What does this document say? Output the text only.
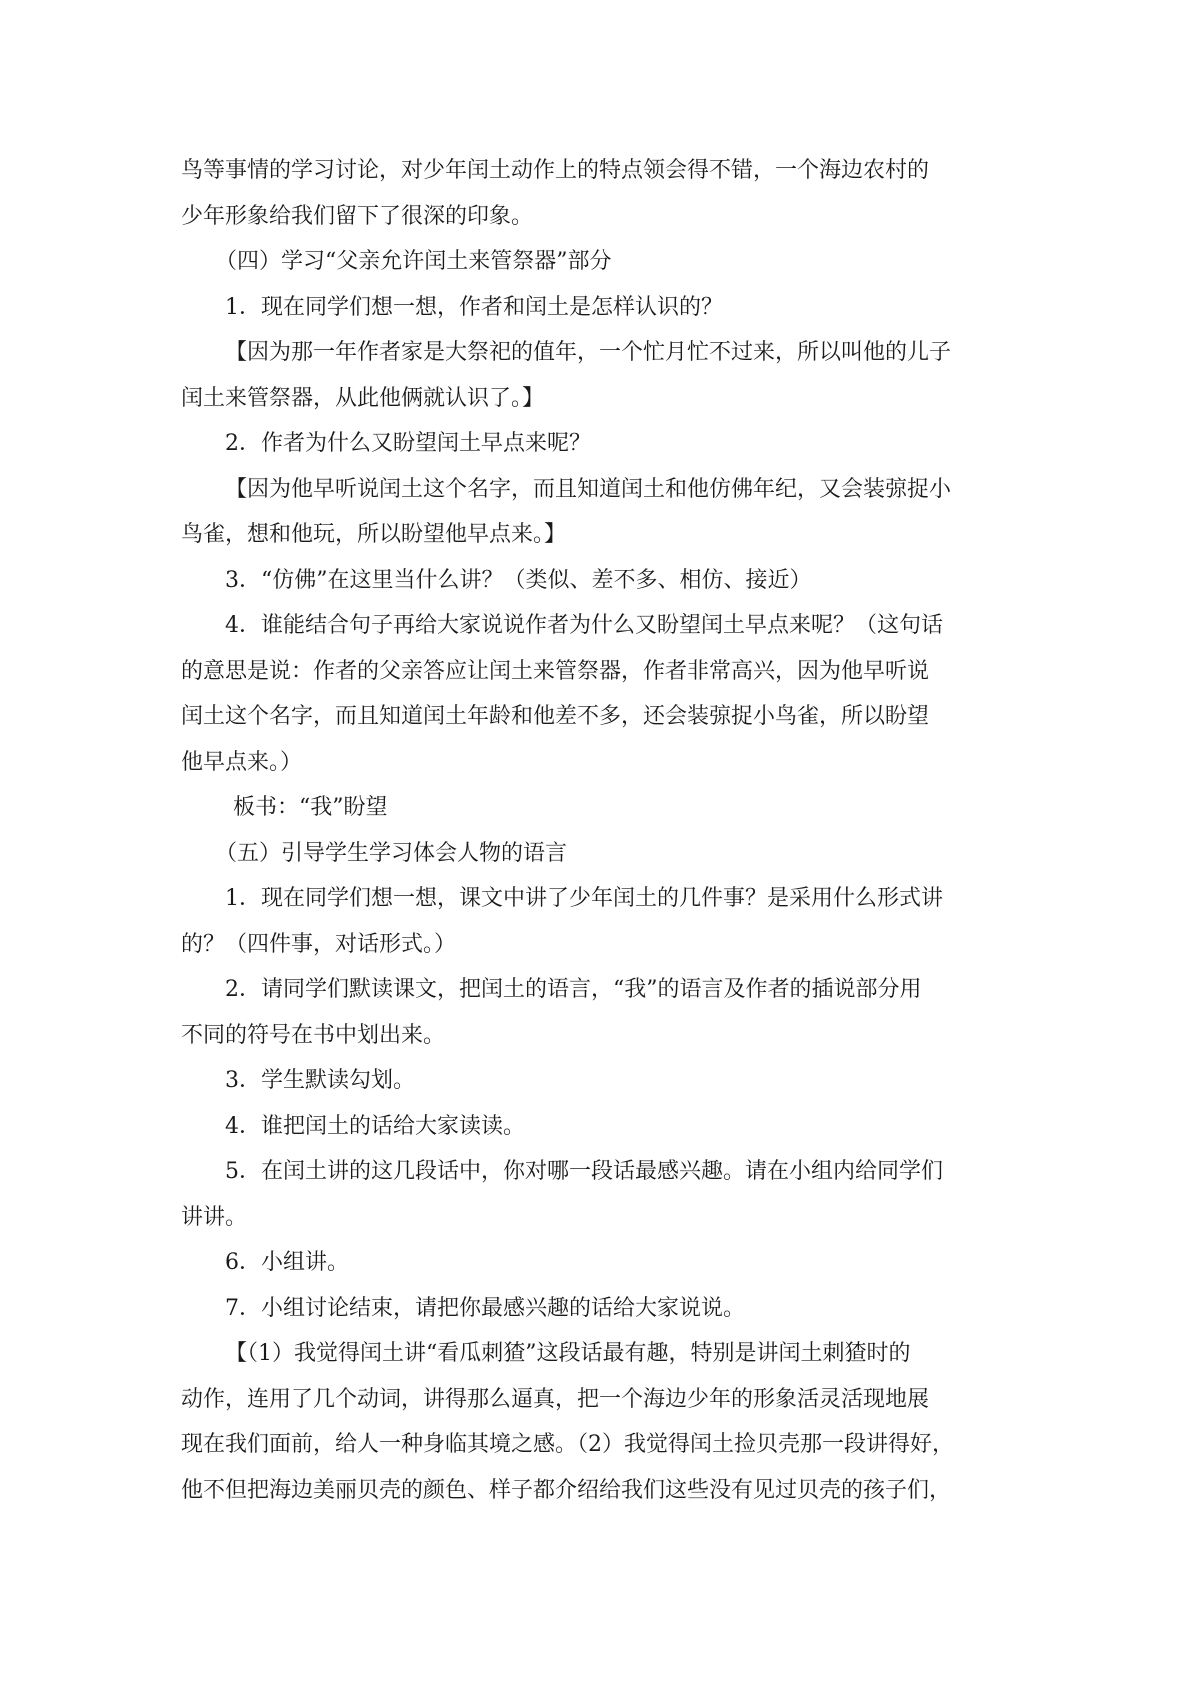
鸟等事情的学习讨论，对少年闰土动作上的特点领会得不错，一个海边农村的

少年形象给我们留下了很深的印象。

（四）学习“父亲允许闰土来管祭器”部分

1．现在同学们想一想，作者和闰土是怎样认识的？

【因为那一年作者家是大祭祀的值年，一个忙月忙不过来，所以叫他的儿子

闰土来管祭器，从此他俩就认识了。】

2．作者为什么又盼望闰土早点来呢？

【因为他早听说闰土这个名字，而且知道闰土和他仿佛年纪，又会装弶捉小

鸟雀，想和他玩，所以盼望他早点来。】

3．“仿佛”在这里当什么讲？（类似、差不多、相仿、接近）

4．谁能结合句子再给大家说说作者为什么又盼望闰土早点来呢？（这句话

的意思是说：作者的父亲答应让闰土来管祭器，作者非常高兴，因为他早听说

闰土这个名字，而且知道闰土年龄和他差不多，还会装弶捉小鸟雀，所以盼望

他早点来。）

板书：“我”盼望

（五）引导学生学习体会人物的语言

1．现在同学们想一想，课文中讲了少年闰土的几件事？是采用什么形式讲

的？（四件事，对话形式。）

2．请同学们默读课文，把闰土的语言，“我”的语言及作者的插说部分用

不同的符号在书中划出来。

3．学生默读勾划。

4．谁把闰土的话给大家读读。

5．在闰土讲的这几段话中，你对哪一段话最感兴趣。请在小组内给同学们

讲讲。

6．小组讲。

7．小组讨论结束，请把你最感兴趣的话给大家说说。

【（1）我觉得闰土讲“看瓜刺猹”这段话最有趣，特别是讲闰土刺猹时的

动作，连用了几个动词，讲得那么逼真，把一个海边少年的形象活灵活现地展

现在我们面前，给人一种身临其境之感。（2）我觉得闰土捡贝壳那一段讲得好，

他不但把海边美丽贝壳的颜色、样子都介绍给我们这些没有见过贝壳的孩子们，
